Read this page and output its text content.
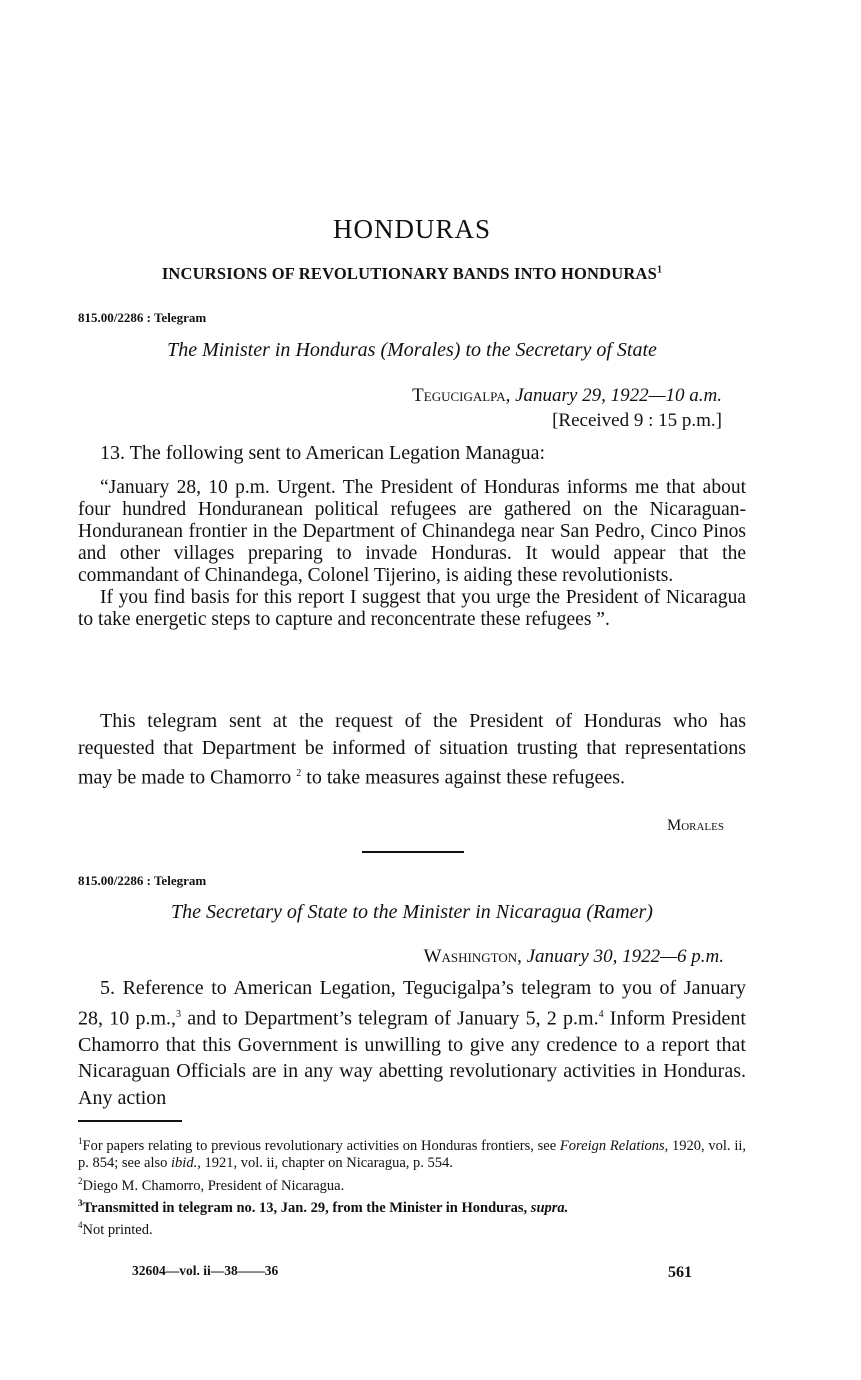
HONDURAS
INCURSIONS OF REVOLUTIONARY BANDS INTO HONDURAS$^1$
815.00/2286 : Telegram
The Minister in Honduras (Morales) to the Secretary of State
Tegucigalpa, January 29, 1922—10 a.m.
[Received 9 : 15 p.m.]

13. The following sent to American Legation Managua:

“January 28, 10 p.m. Urgent. The President of Honduras informs me that about four hundred Honduranean political refugees are gathered on the Nicaraguan-Honduranean frontier in the Department of Chinandega near San Pedro, Cinco Pinos and other villages preparing to invade Honduras. It would appear that the commandant of Chinandega, Colonel Tijerino, is aiding these revolutionists.

If you find basis for this report I suggest that you urge the President of Nicaragua to take energetic steps to capture and reconcentrate these refugees ”.

This telegram sent at the request of the President of Honduras who has requested that Department be informed of situation trusting that representations may be made to Chamorro $^2$ to take measures against these refugees.

Morales
815.00/2286 : Telegram
The Secretary of State to the Minister in Nicaragua (Ramer)
Washington, January 30, 1922—6 p.m.

5. Reference to American Legation, Tegucigalpa’s telegram to you of January 28, 10 p.m.,$^3$ and to Department’s telegram of January 5, 2 p.m.$^4$ Inform President Chamorro that this Government is unwilling to give any credence to a report that Nicaraguan Officials are in any way abetting revolutionary activities in Honduras. Any action

$^1$For papers relating to previous revolutionary activities on Honduras frontiers, see Foreign Relations, 1920, vol. ii, p. 854; see also ibid., 1921, vol. ii, chapter on Nicaragua, p. 554.

$^2$Diego M. Chamorro, President of Nicaragua.

$^3$Transmitted in telegram no. 13, Jan. 29, from the Minister in Honduras, supra.

$^4$Not printed.

32604—vol. ii—38——36	561
